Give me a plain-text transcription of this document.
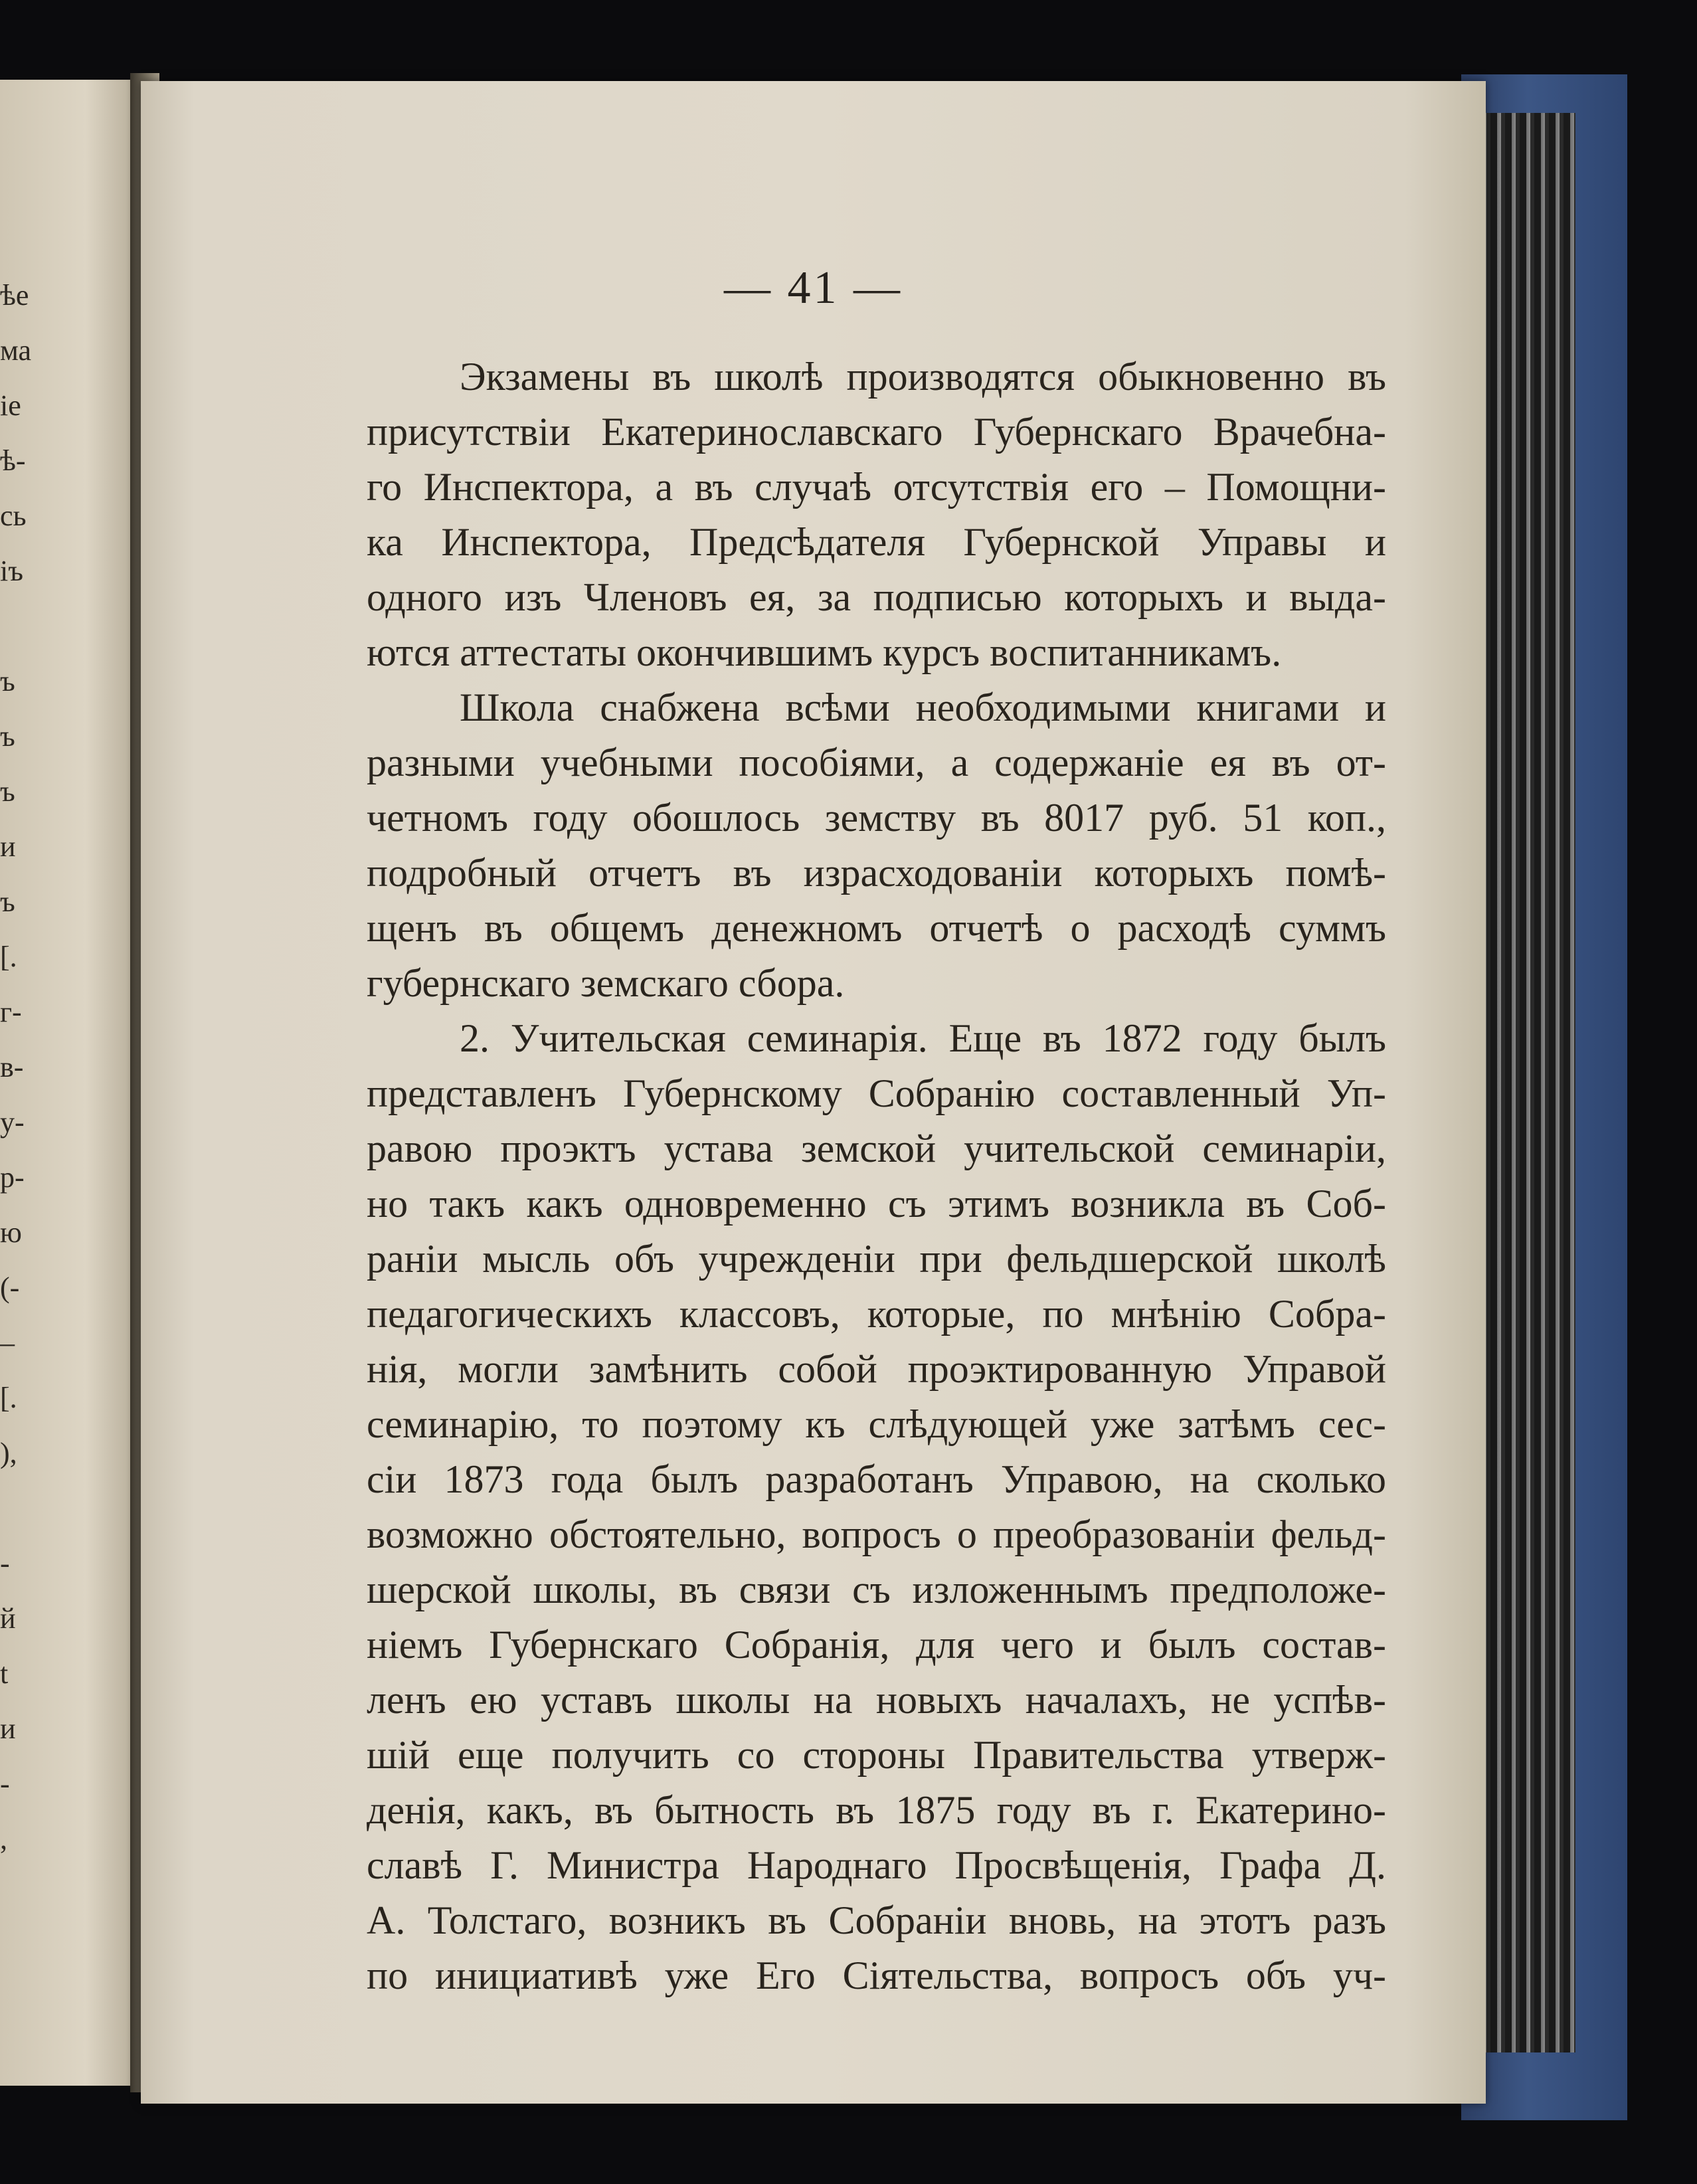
ѣе
ма
іе
ѣ-
сь
іъ
ъ
ъ
ъ
и
ъ
[.
г-
в-
у-
р-
ю
(-
–
[.
),
-
й
t
и
-
,
— 41 —
Экзамены въ школѣ производятся обыкновенно въ
присутствіи Екатеринославскаго Губернскаго Врачебна-
го Инспектора, а въ случаѣ отсутствія его – Помощни-
ка Инспектора, Предсѣдателя Губернской Управы и
одного изъ Членовъ ея, за подписью которыхъ и выда-
ются аттестаты окончившимъ курсъ воспитанникамъ.
Школа снабжена всѣми необходимыми книгами и
разными учебными пособіями, а содержаніе ея въ от-
четномъ году обошлось земству въ 8017 руб. 51 коп.,
подробный отчетъ въ израсходованіи которыхъ помѣ-
щенъ въ общемъ денежномъ отчетѣ о расходѣ суммъ
губернскаго земскаго сбора.
2. Учительская семинарія. Еще въ 1872 году былъ
представленъ Губернскому Собранію составленный Уп-
равою проэктъ устава земской учительской семинаріи,
но такъ какъ одновременно съ этимъ возникла въ Соб-
раніи мысль объ учрежденіи при фельдшерской школѣ
педагогическихъ классовъ, которые, по мнѣнію Собра-
нія, могли замѣнить собой проэктированную Управой
семинарію, то поэтому къ слѣдующей уже затѣмъ сес-
сіи 1873 года былъ разработанъ Управою, на сколько
возможно обстоятельно, вопросъ о преобразованіи фельд-
шерской школы, въ связи съ изложеннымъ предположе-
ніемъ Губернскаго Собранія, для чего и былъ состав-
ленъ ею уставъ школы на новыхъ началахъ, не успѣв-
шій еще получить со стороны Правительства утверж-
денія, какъ, въ бытность въ 1875 году въ г. Екатерино-
славѣ Г. Министра Народнаго Просвѣщенія, Графа Д.
А. Толстаго, возникъ въ Собраніи вновь, на этотъ разъ
по инициативѣ уже Его Сіятельства, вопросъ объ уч-
